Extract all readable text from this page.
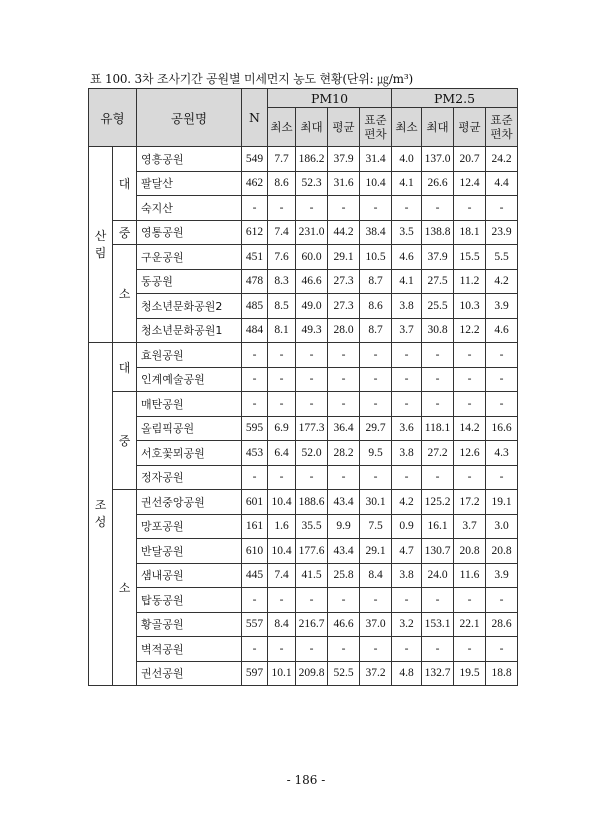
표 100. 3차 조사기간 공원별 미세먼지 농도 현황(단위: ㎍/m³)
유형		공원명	N	PM10				PM2.5			
				최소	최대	평균	표준 편차	최소	최대	평균	표준 편차
산
림	대	영흥공원	549	7.7	186.2	37.9	31.4	4.0	137.0	20.7	24.2
		팔달산	462	8.6	52.3	31.6	10.4	4.1	26.6	12.4	4.4
		숙지산	-	-	-	-	-	-	-	-	-
	중	영통공원	612	7.4	231.0	44.2	38.4	3.5	138.8	18.1	23.9
	소	구운공원	451	7.6	60.0	29.1	10.5	4.6	37.9	15.5	5.5
		동공원	478	8.3	46.6	27.3	8.7	4.1	27.5	11.2	4.2
		청소년문화공원2	485	8.5	49.0	27.3	8.6	3.8	25.5	10.3	3.9
		청소년문화공원1	484	8.1	49.3	28.0	8.7	3.7	30.8	12.2	4.6
조
성	대	효원공원	-	-	-	-	-	-	-	-	-
		인계예술공원	-	-	-	-	-	-	-	-	-
	중	매탄공원	-	-	-	-	-	-	-	-	-
		올림픽공원	595	6.9	177.3	36.4	29.7	3.6	118.1	14.2	16.6
		서호꽃뫼공원	453	6.4	52.0	28.2	9.5	3.8	27.2	12.6	4.3
		정자공원	-	-	-	-	-	-	-	-	-
	소	권선중앙공원	601	10.4	188.6	43.4	30.1	4.2	125.2	17.2	19.1
		망포공원	161	1.6	35.5	9.9	7.5	0.9	16.1	3.7	3.0
		반달공원	610	10.4	177.6	43.4	29.1	4.7	130.7	20.8	20.8
		샘내공원	445	7.4	41.5	25.8	8.4	3.8	24.0	11.6	3.9
		탑동공원	-	-	-	-	-	-	-	-	-
		황골공원	557	8.4	216.7	46.6	37.0	3.2	153.1	22.1	28.6
		벽적공원	-	-	-	-	-	-	-	-	-
		권선공원	597	10.1	209.8	52.5	37.2	4.8	132.7	19.5	18.8
- 186 -
